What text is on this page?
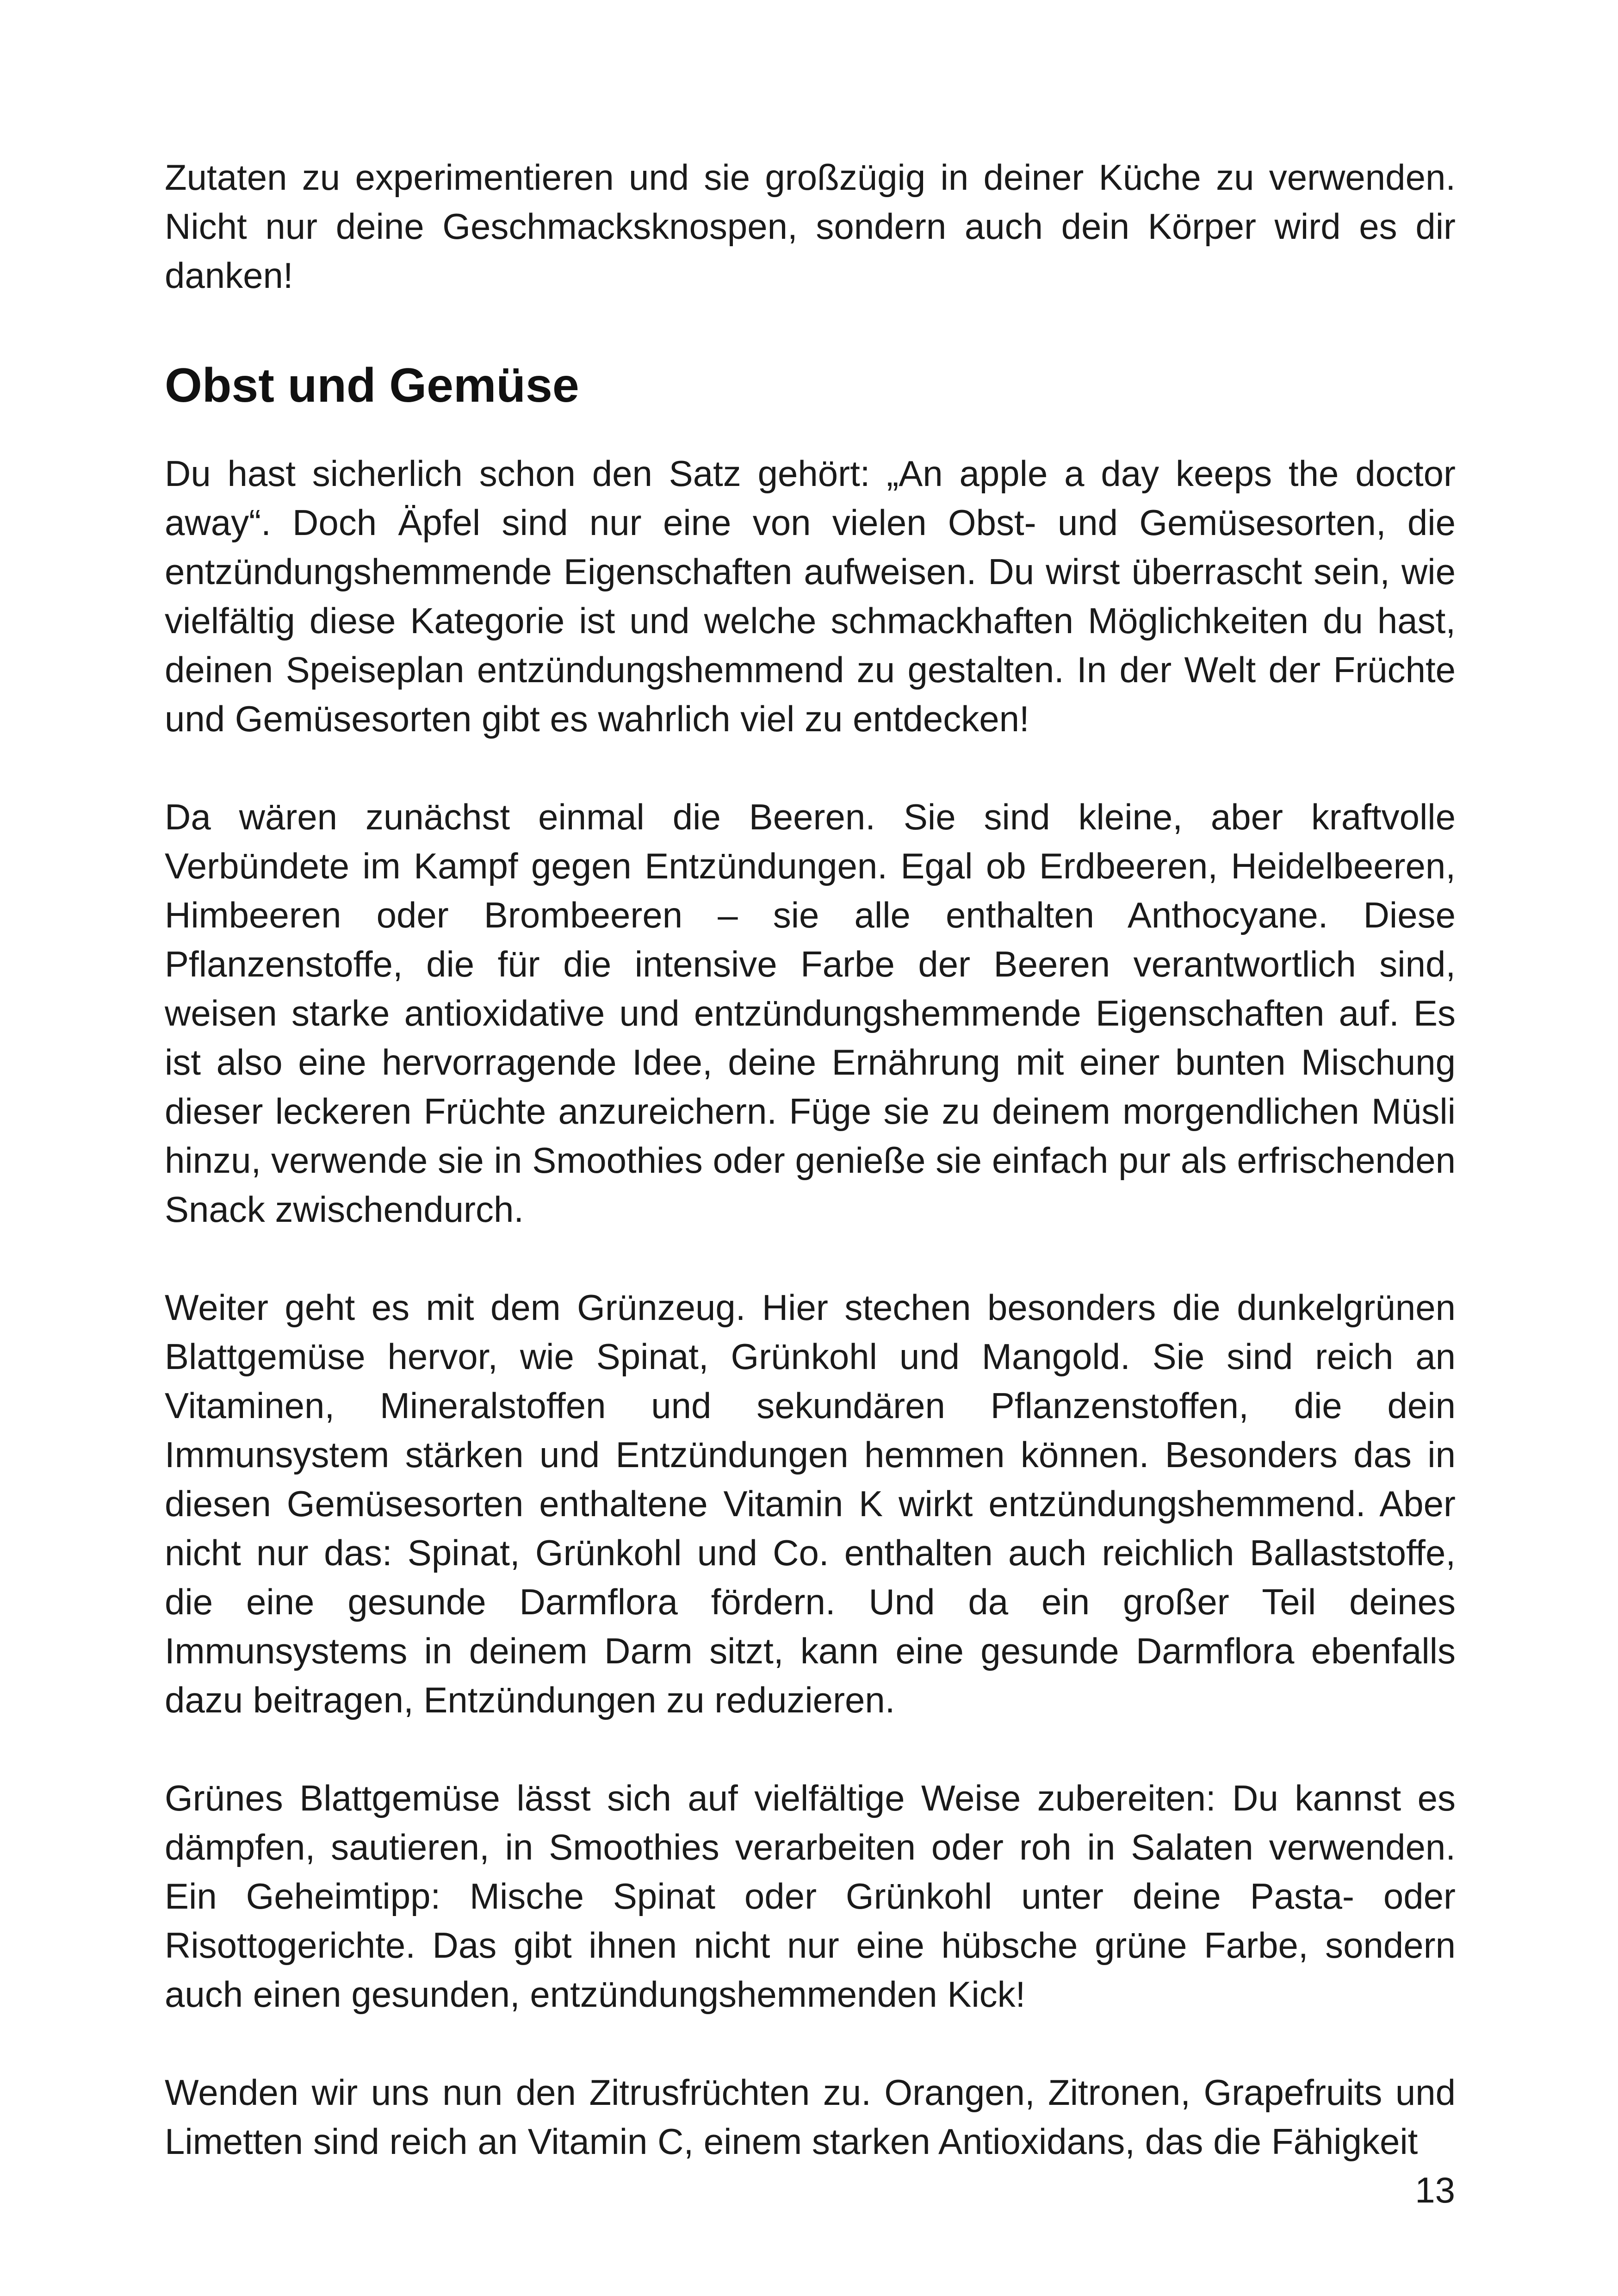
Zutaten zu experimentieren und sie großzügig in deiner Küche zu verwenden. Nicht nur deine Geschmacksknospen, sondern auch dein Körper wird es dir danken!

Obst und Gemüse

Du hast sicherlich schon den Satz gehört: „An apple a day keeps the doctor away“. Doch Äpfel sind nur eine von vielen Obst- und Gemüsesorten, die entzündungshemmende Eigenschaften aufweisen. Du wirst überrascht sein, wie vielfältig diese Kategorie ist und welche schmackhaften Möglichkeiten du hast, deinen Speiseplan entzündungshemmend zu gestalten. In der Welt der Früchte und Gemüsesorten gibt es wahrlich viel zu entdecken!

Da wären zunächst einmal die Beeren. Sie sind kleine, aber kraftvolle Verbündete im Kampf gegen Entzündungen. Egal ob Erdbeeren, Heidelbeeren, Himbeeren oder Brombeeren – sie alle enthalten Anthocyane. Diese Pflanzenstoffe, die für die intensive Farbe der Beeren verantwortlich sind, weisen starke antioxidative und entzündungshemmende Eigenschaften auf. Es ist also eine hervorragende Idee, deine Ernährung mit einer bunten Mischung dieser leckeren Früchte anzureichern. Füge sie zu deinem morgendlichen Müsli hinzu, verwende sie in Smoothies oder genieße sie einfach pur als erfrischenden Snack zwischendurch.

Weiter geht es mit dem Grünzeug. Hier stechen besonders die dunkelgrünen Blattgemüse hervor, wie Spinat, Grünkohl und Mangold. Sie sind reich an Vitaminen, Mineralstoffen und sekundären Pflanzenstoffen, die dein Immunsystem stärken und Entzündungen hemmen können. Besonders das in diesen Gemüsesorten enthaltene Vitamin K wirkt entzündungshemmend. Aber nicht nur das: Spinat, Grünkohl und Co. enthalten auch reichlich Ballaststoffe, die eine gesunde Darmflora fördern. Und da ein großer Teil deines Immunsystems in deinem Darm sitzt, kann eine gesunde Darmflora ebenfalls dazu beitragen, Entzündungen zu reduzieren.

Grünes Blattgemüse lässt sich auf vielfältige Weise zubereiten: Du kannst es dämpfen, sautieren, in Smoothies verarbeiten oder roh in Salaten verwenden. Ein Geheimtipp: Mische Spinat oder Grünkohl unter deine Pasta- oder Risottogerichte. Das gibt ihnen nicht nur eine hübsche grüne Farbe, sondern auch einen gesunden, entzündungshemmenden Kick!

Wenden wir uns nun den Zitrusfrüchten zu. Orangen, Zitronen, Grapefruits und Limetten sind reich an Vitamin C, einem starken Antioxidans, das die Fähigkeit

13
